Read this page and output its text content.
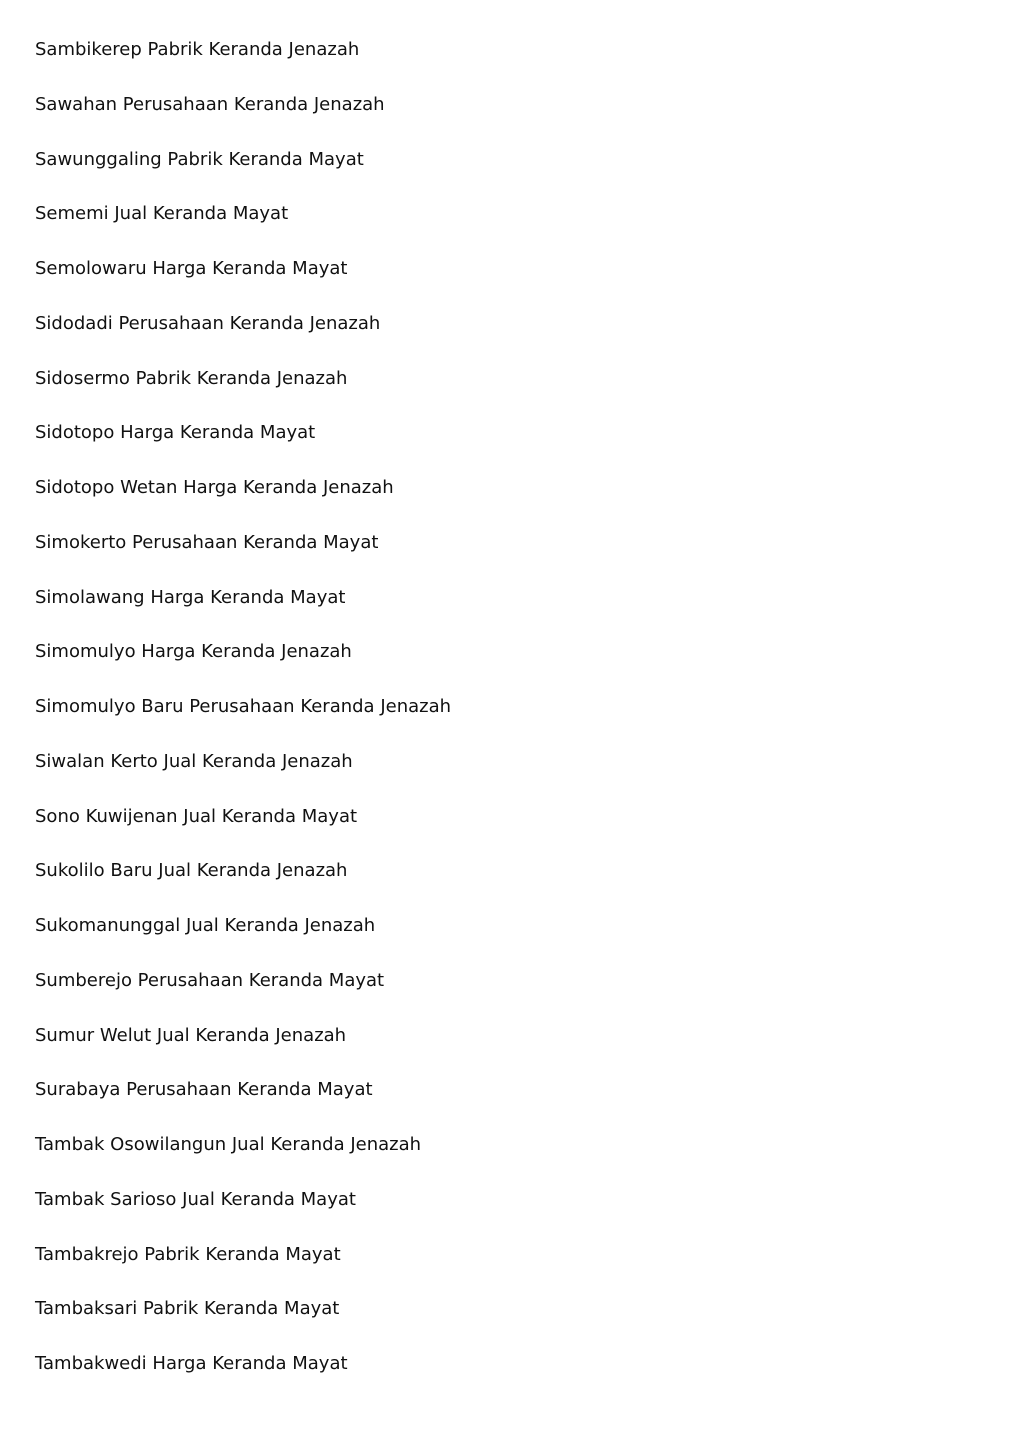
Sambikerep Pabrik Keranda Jenazah
Sawahan Perusahaan Keranda Jenazah
Sawunggaling Pabrik Keranda Mayat
Sememi Jual Keranda Mayat
Semolowaru Harga Keranda Mayat
Sidodadi Perusahaan Keranda Jenazah
Sidosermo Pabrik Keranda Jenazah
Sidotopo Harga Keranda Mayat
Sidotopo Wetan Harga Keranda Jenazah
Simokerto Perusahaan Keranda Mayat
Simolawang Harga Keranda Mayat
Simomulyo Harga Keranda Jenazah
Simomulyo Baru Perusahaan Keranda Jenazah
Siwalan Kerto Jual Keranda Jenazah
Sono Kuwijenan Jual Keranda Mayat
Sukolilo Baru Jual Keranda Jenazah
Sukomanunggal Jual Keranda Jenazah
Sumberejo Perusahaan Keranda Mayat
Sumur Welut Jual Keranda Jenazah
Surabaya Perusahaan Keranda Mayat
Tambak Osowilangun Jual Keranda Jenazah
Tambak Sarioso Jual Keranda Mayat
Tambakrejo Pabrik Keranda Mayat
Tambaksari Pabrik Keranda Mayat
Tambakwedi Harga Keranda Mayat
